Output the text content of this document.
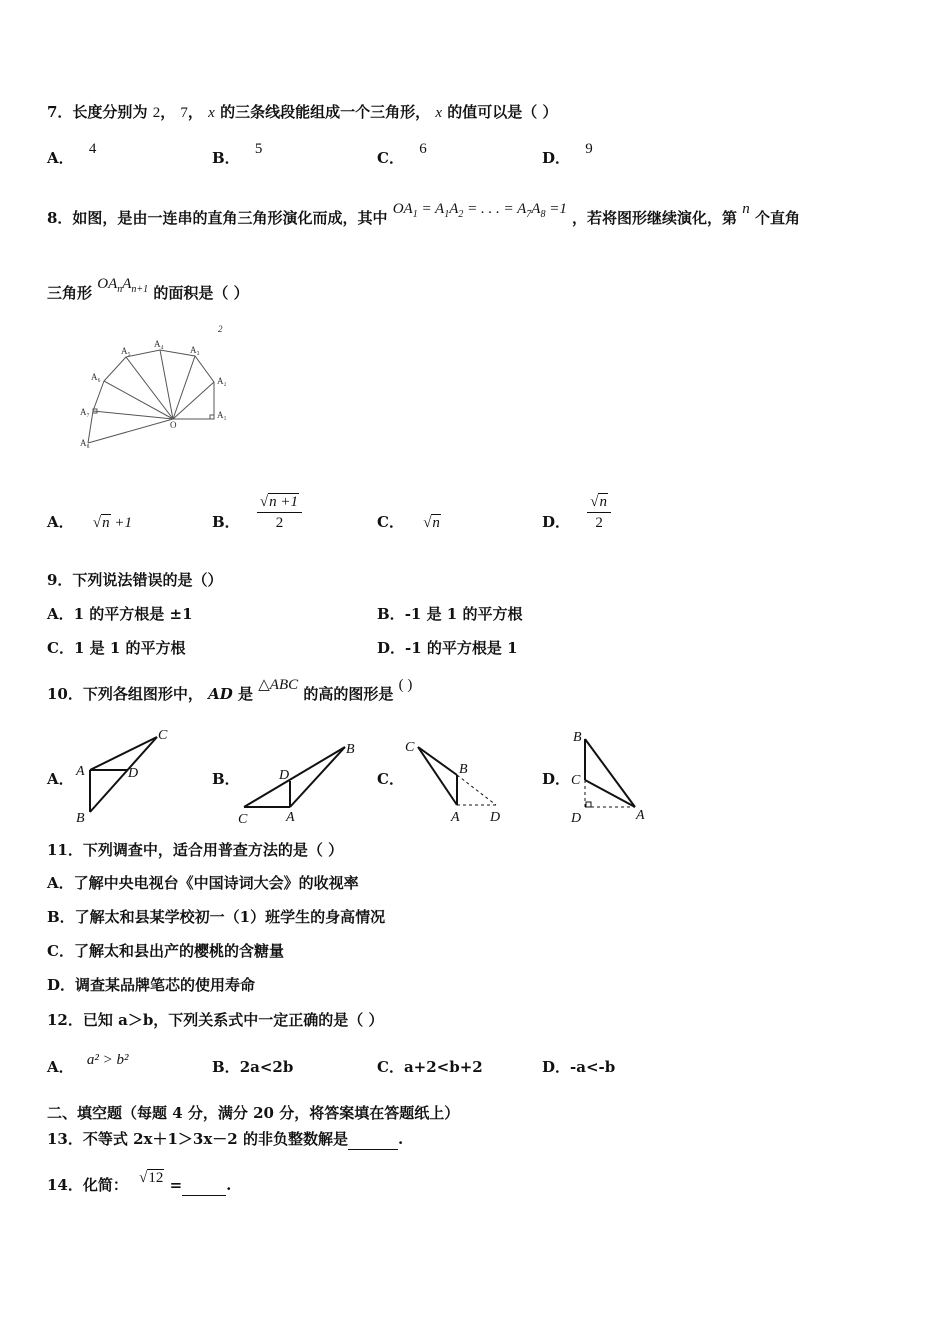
7．长度分别为 2， 7， x 的三条线段能组成一个三角形， x 的值可以是（ ）
A． 4	B． 5	C． 6	D． 9
8．如图，是由一连串的直角三角形演化而成，其中 $OA_1 = A_1A_2$ = . . . = $A_7A_8 =1$ ，若将图形继续演化，第 n 个直角
三角形 $OA_nA_{n+1}$ 的面积是（ ）
A₁
A₂
A₃
A₄
A₅
A₆
A₇
A₈
O
2
A． √n +1	B． $\frac{√n +1}{2}$	C． √n	D． $\frac{√n}{2}$
9．下列说法错误的是（）
A．1 的平方根是 ±1	B．-1 是 1 的平方根
C．1 是 1 的平方根	D．-1 的平方根是 1
10．下列各组图形中， AD 是 △ABC 的高的图形是 ( )
A． A
B
C
D	B．
C	A
D
B
C．
C
B
A D
D．
B
C
D	A
11．下列调查中，适合用普查方法的是（ ）
A．了解中央电视台《中国诗词大会》的收视率
B．了解太和县某学校初一（1）班学生的身高情况
C．了解太和县出产的樱桃的含糖量
D．调查某品牌笔芯的使用寿命
12．已知 a＞b，下列关系式中一定正确的是（ ）
A． a² > b²	B．2a<2b	C．a+2<b+2	D．-a<-b
二、填空题（每题 4 分，满分 20 分，将答案填在答题纸上）
13．不等式 2x＋1＞3x－2 的非负整数解是	.
14．化简： √12 =	.
